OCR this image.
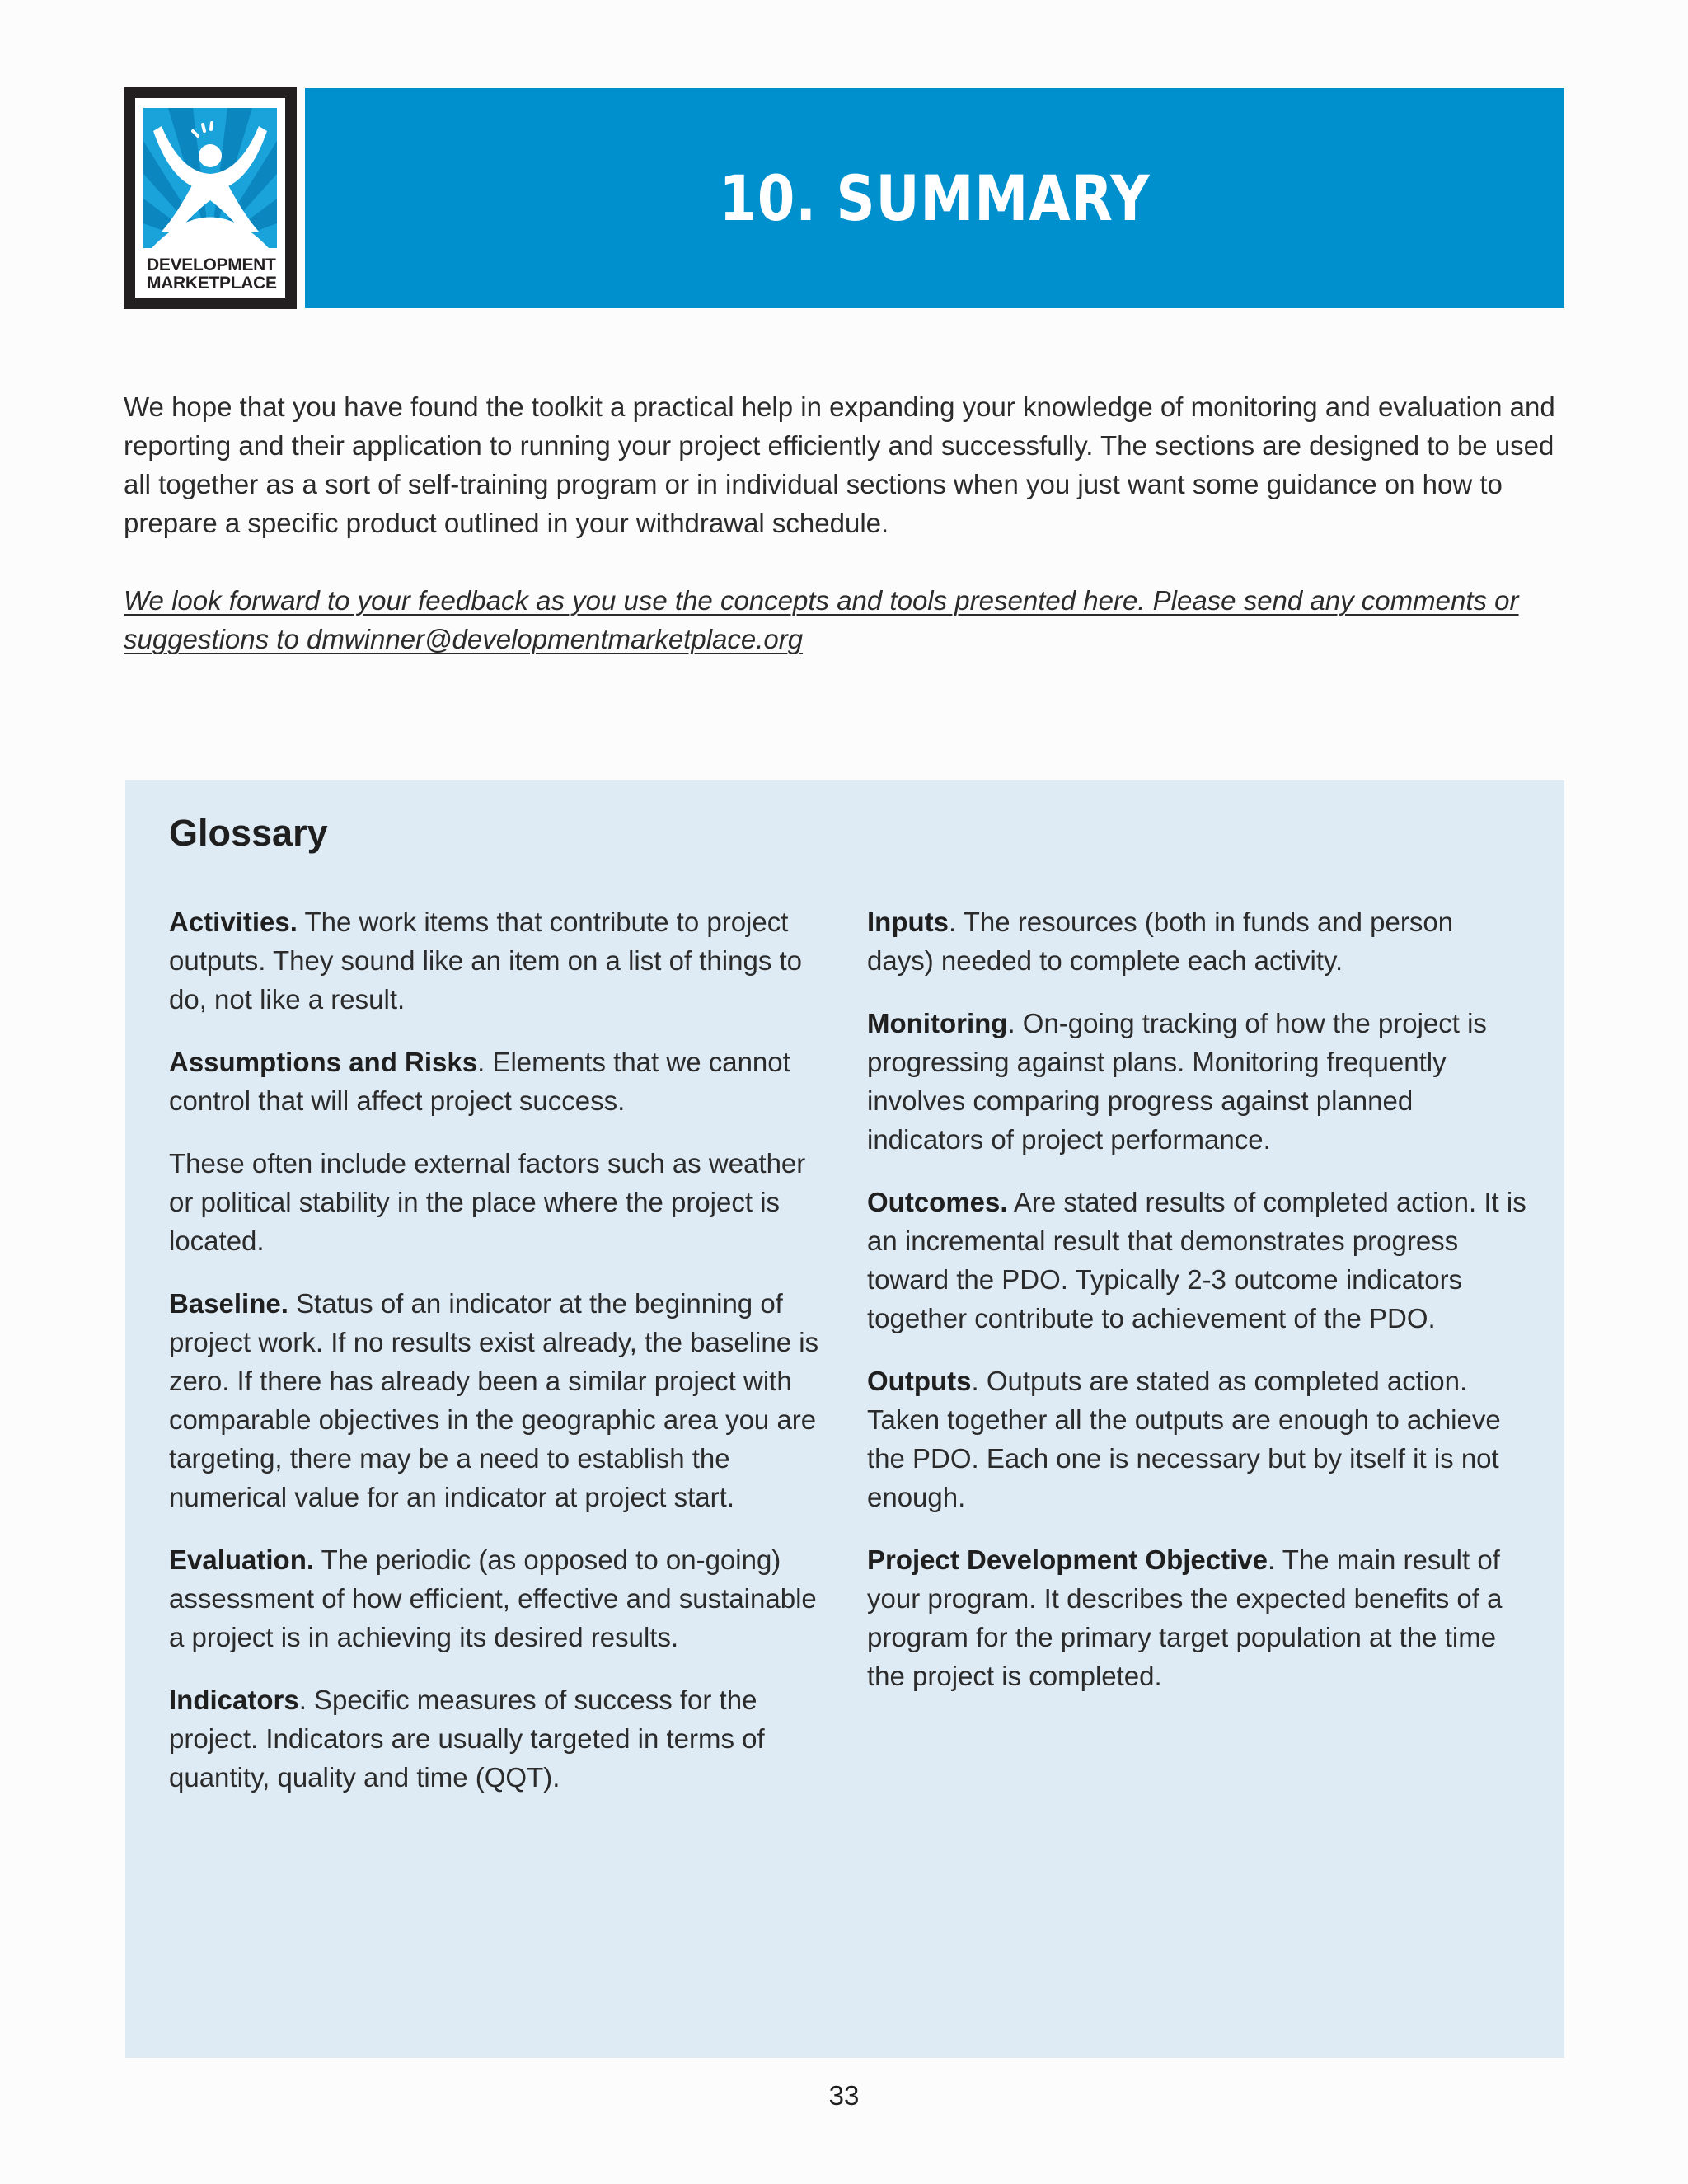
DEVELOPMENT
MARKETPLACE
10. SUMMARY

We hope that you have found the toolkit a practical help in expanding your knowledge of monitoring and evaluation and reporting and their application to running your project efficiently and successfully. The sections are designed to be used all together as a sort of self-training program or in individual sections when you just want some guidance on how to prepare a specific product outlined in your withdrawal schedule.

We look forward to your feedback as you use the concepts and tools presented here. Please send any comments or suggestions to dmwinner@developmentmarketplace.org

Glossary

Activities. The work items that contribute to project outputs. They sound like an item on a list of things to do, not like a result.

Assumptions and Risks. Elements that we cannot control that will affect project success.

These often include external factors such as weather or political stability in the place where the project is located.

Baseline. Status of an indicator at the beginning of project work. If no results exist already, the baseline is zero. If there has already been a similar project with comparable objectives in the geographic area you are targeting, there may be a need to establish the numerical value for an indicator at project start.

Evaluation. The periodic (as opposed to on-going) assessment of how efficient, effective and sustainable a project is in achieving its desired results.

Indicators. Specific measures of success for the project. Indicators are usually targeted in terms of quantity, quality and time (QQT).

Inputs. The resources (both in funds and person days) needed to complete each activity.

Monitoring. On-going tracking of how the project is progressing against plans. Monitoring frequently involves comparing progress against planned indicators of project performance.

Outcomes. Are stated results of completed action. It is an incremental result that demonstrates progress toward the PDO. Typically 2-3 outcome indicators together contribute to achievement of the PDO.

Outputs. Outputs are stated as completed action. Taken together all the outputs are enough to achieve the PDO. Each one is necessary but by itself it is not enough.

Project Development Objective. The main result of your program. It describes the expected benefits of a program for the primary target population at the time the project is completed.

33
